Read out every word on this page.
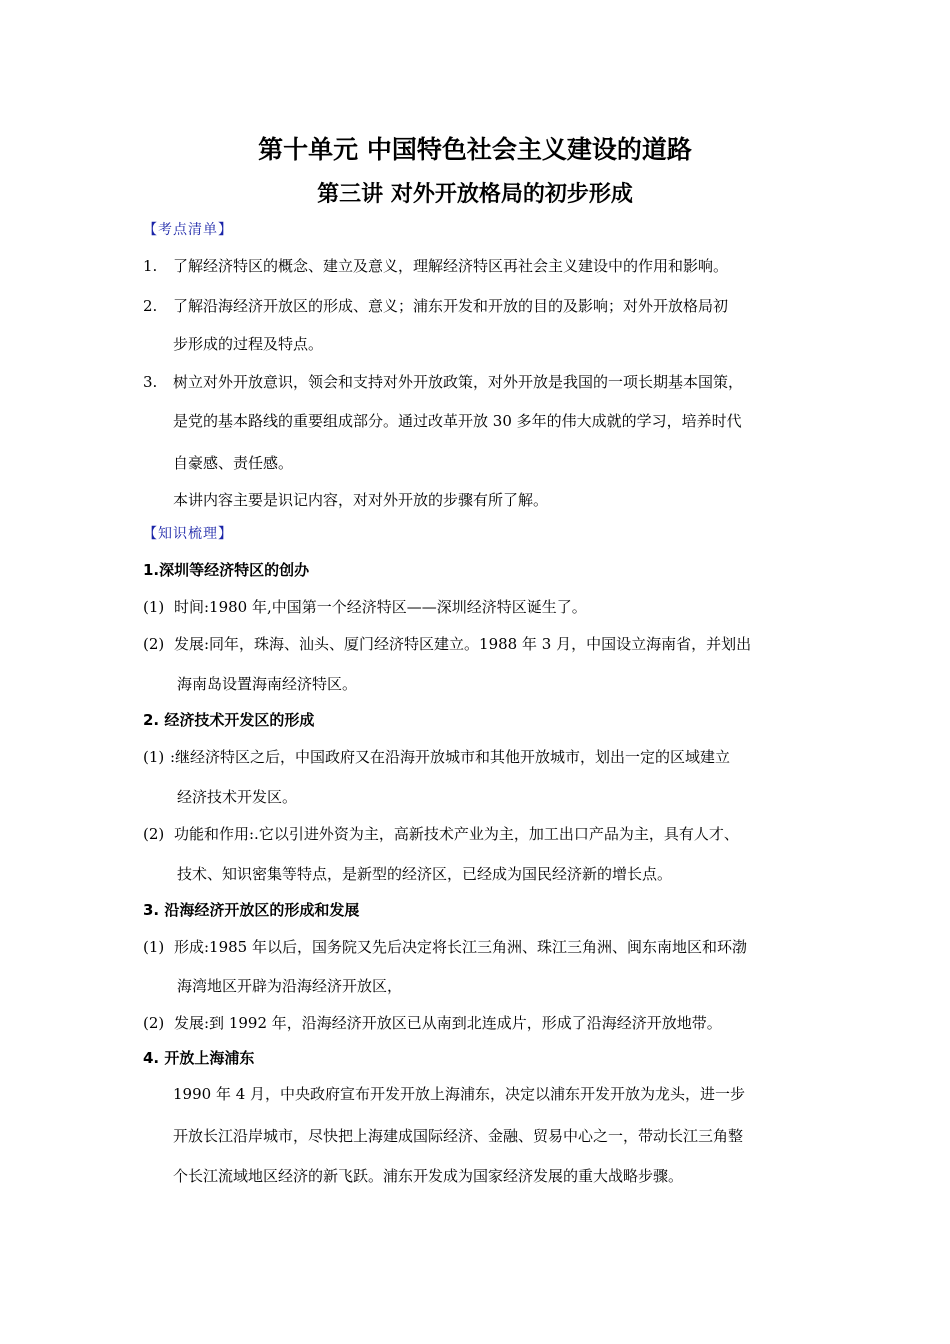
第十单元 中国特色社会主义建设的道路
第三讲 对外开放格局的初步形成
【考点清单】
1. 了解经济特区的概念、建立及意义，理解经济特区再社会主义建设中的作用和影响。
2. 了解沿海经济开放区的形成、意义；浦东开发和开放的目的及影响；对外开放格局初
步形成的过程及特点。
3. 树立对外开放意识，领会和支持对外开放政策，对外开放是我国的一项长期基本国策，
是党的基本路线的重要组成部分。通过改革开放 30 多年的伟大成就的学习，培养时代
自豪感、责任感。
本讲内容主要是识记内容，对对外开放的步骤有所了解。
【知识梳理】
1.深圳等经济特区的创办
(1) 时间:1980 年,中国第一个经济特区——深圳经济特区诞生了。
(2) 发展:同年，珠海、汕头、厦门经济特区建立。1988 年 3 月，中国设立海南省，并划出
海南岛设置海南经济特区。
2. 经济技术开发区的形成
(1) :继经济特区之后，中国政府又在沿海开放城市和其他开放城市，划出一定的区域建立
经济技术开发区。
(2) 功能和作用:.它以引进外资为主，高新技术产业为主，加工出口产品为主，具有人才、
技术、知识密集等特点，是新型的经济区，已经成为国民经济新的增长点。
3. 沿海经济开放区的形成和发展
(1) 形成:1985 年以后，国务院又先后决定将长江三角洲、珠江三角洲、闽东南地区和环渤
海湾地区开辟为沿海经济开放区，
(2) 发展:到 1992 年，沿海经济开放区已从南到北连成片，形成了沿海经济开放地带。
4. 开放上海浦东
1990 年 4 月，中央政府宣布开发开放上海浦东，决定以浦东开发开放为龙头，进一步
开放长江沿岸城市，尽快把上海建成国际经济、金融、贸易中心之一，带动长江三角整
个长江流域地区经济的新飞跃。浦东开发成为国家经济发展的重大战略步骤。
